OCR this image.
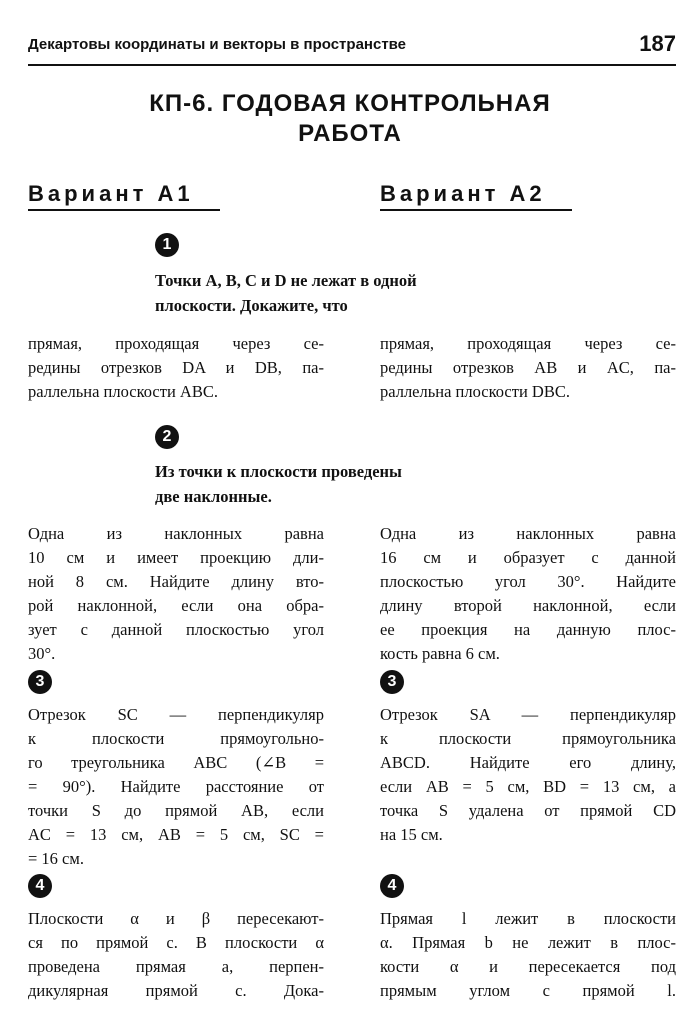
Декартовы координаты и векторы в пространстве	187
КП-6. ГОДОВАЯ КОНТРОЛЬНАЯ
РАБОТА
Вариант А1	Вариант А2
1
Точки A, B, C и D не лежат в одной
плоскости. Докажите, что
прямая, проходящая через се-
редины отрезков DA и DB, па-
раллельна плоскости ABC.
прямая, проходящая через се-
редины отрезков AB и AC, па-
раллельна плоскости DBC.
2
Из точки к плоскости проведены
две наклонные.
Одна из наклонных равна
10 см и имеет проекцию дли-
ной 8 см. Найдите длину вто-
рой наклонной, если она обра-
зует с данной плоскостью угол
30°.
Одна из наклонных равна
16 см и образует с данной
плоскостью угол 30°. Найдите
длину второй наклонной, если
ее проекция на данную плос-
кость равна 6 см.
3	3
Отрезок SC — перпендикуляр
к плоскости прямоугольно-
го треугольника ABC (∠B =
= 90°). Найдите расстояние от
точки S до прямой AB, если
AC = 13 см, AB = 5 см, SC =
= 16 см.
Отрезок SA — перпендикуляр
к плоскости прямоугольника
ABCD. Найдите его длину,
если AB = 5 см, BD = 13 см, а
точка S удалена от прямой CD
на 15 см.
4	4
Плоскости α и β пересекают-
ся по прямой c. В плоскости α
проведена прямая a, перпен-
дикулярная прямой c. Дока-
Прямая l лежит в плоскости
α. Прямая b не лежит в плос-
кости α и пересекается под
прямым углом с прямой l.
